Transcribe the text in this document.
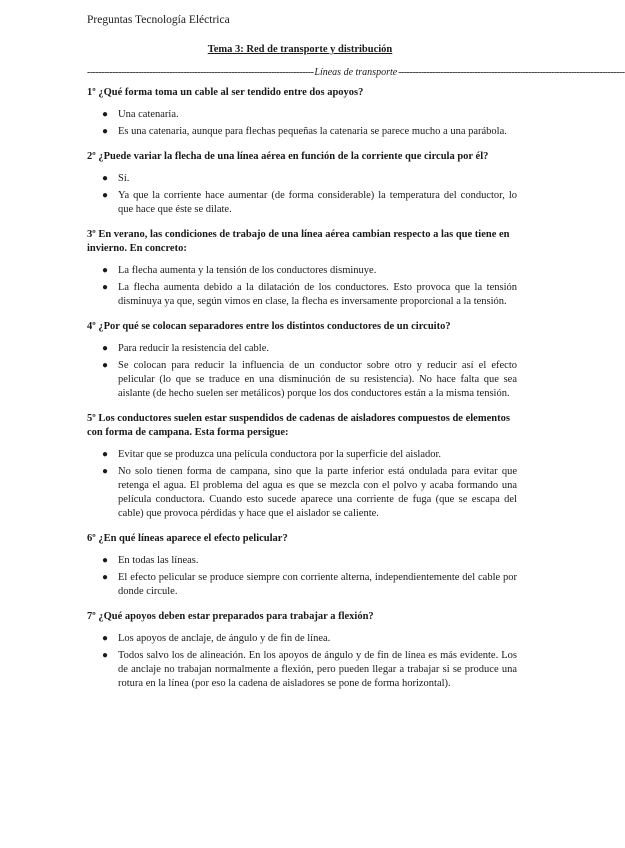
Preguntas Tecnología Eléctrica
Tema 3: Red de transporte y distribución
-------------------------------------------------------------------------------- Líneas de transporte --------------------------------------------------------------------------------

1º ¿Qué forma toma un cable al ser tendido entre dos apoyos?

● Una catenaria.
● Es una catenaria, aunque para flechas pequeñas la catenaria se parece mucho a una parábola.

2º ¿Puede variar la flecha de una línea aérea en función de la corriente que circula por él?

● Sí.
● Ya que la corriente hace aumentar (de forma considerable) la temperatura del conductor, lo que hace que éste se dilate.

3º En verano, las condiciones de trabajo de una línea aérea cambian respecto a las que tiene en invierno. En concreto:

● La flecha aumenta y la tensión de los conductores disminuye.
● La flecha aumenta debido a la dilatación de los conductores. Esto provoca que la tensión disminuya ya que, según vimos en clase, la flecha es inversamente proporcional a la tensión.

4º ¿Por qué se colocan separadores entre los distintos conductores de un circuito?

● Para reducir la resistencia del cable.
● Se colocan para reducir la influencia de un conductor sobre otro y reducir así el efecto pelicular (lo que se traduce en una disminución de su resistencia). No hace falta que sea aislante (de hecho suelen ser metálicos) porque los dos conductores están a la misma tensión.

5º Los conductores suelen estar suspendidos de cadenas de aisladores compuestos de elementos con forma de campana. Esta forma persigue:

● Evitar que se produzca una película conductora por la superficie del aislador.
● No solo tienen forma de campana, sino que la parte inferior está ondulada para evitar que retenga el agua. El problema del agua es que se mezcla con el polvo y acaba formando una película conductora. Cuando esto sucede aparece una corriente de fuga (que se escapa del cable) que provoca pérdidas y hace que el aislador se caliente.

6º ¿En qué líneas aparece el efecto pelicular?

● En todas las líneas.
● El efecto pelicular se produce siempre con corriente alterna, independientemente del cable por donde circule.

7º ¿Qué apoyos deben estar preparados para trabajar a flexión?

● Los apoyos de anclaje, de ángulo y de fin de línea.
● Todos salvo los de alineación. En los apoyos de ángulo y de fin de línea es más evidente. Los de anclaje no trabajan normalmente a flexión, pero pueden llegar a trabajar si se produce una rotura en la línea (por eso la cadena de aisladores se pone de forma horizontal).
